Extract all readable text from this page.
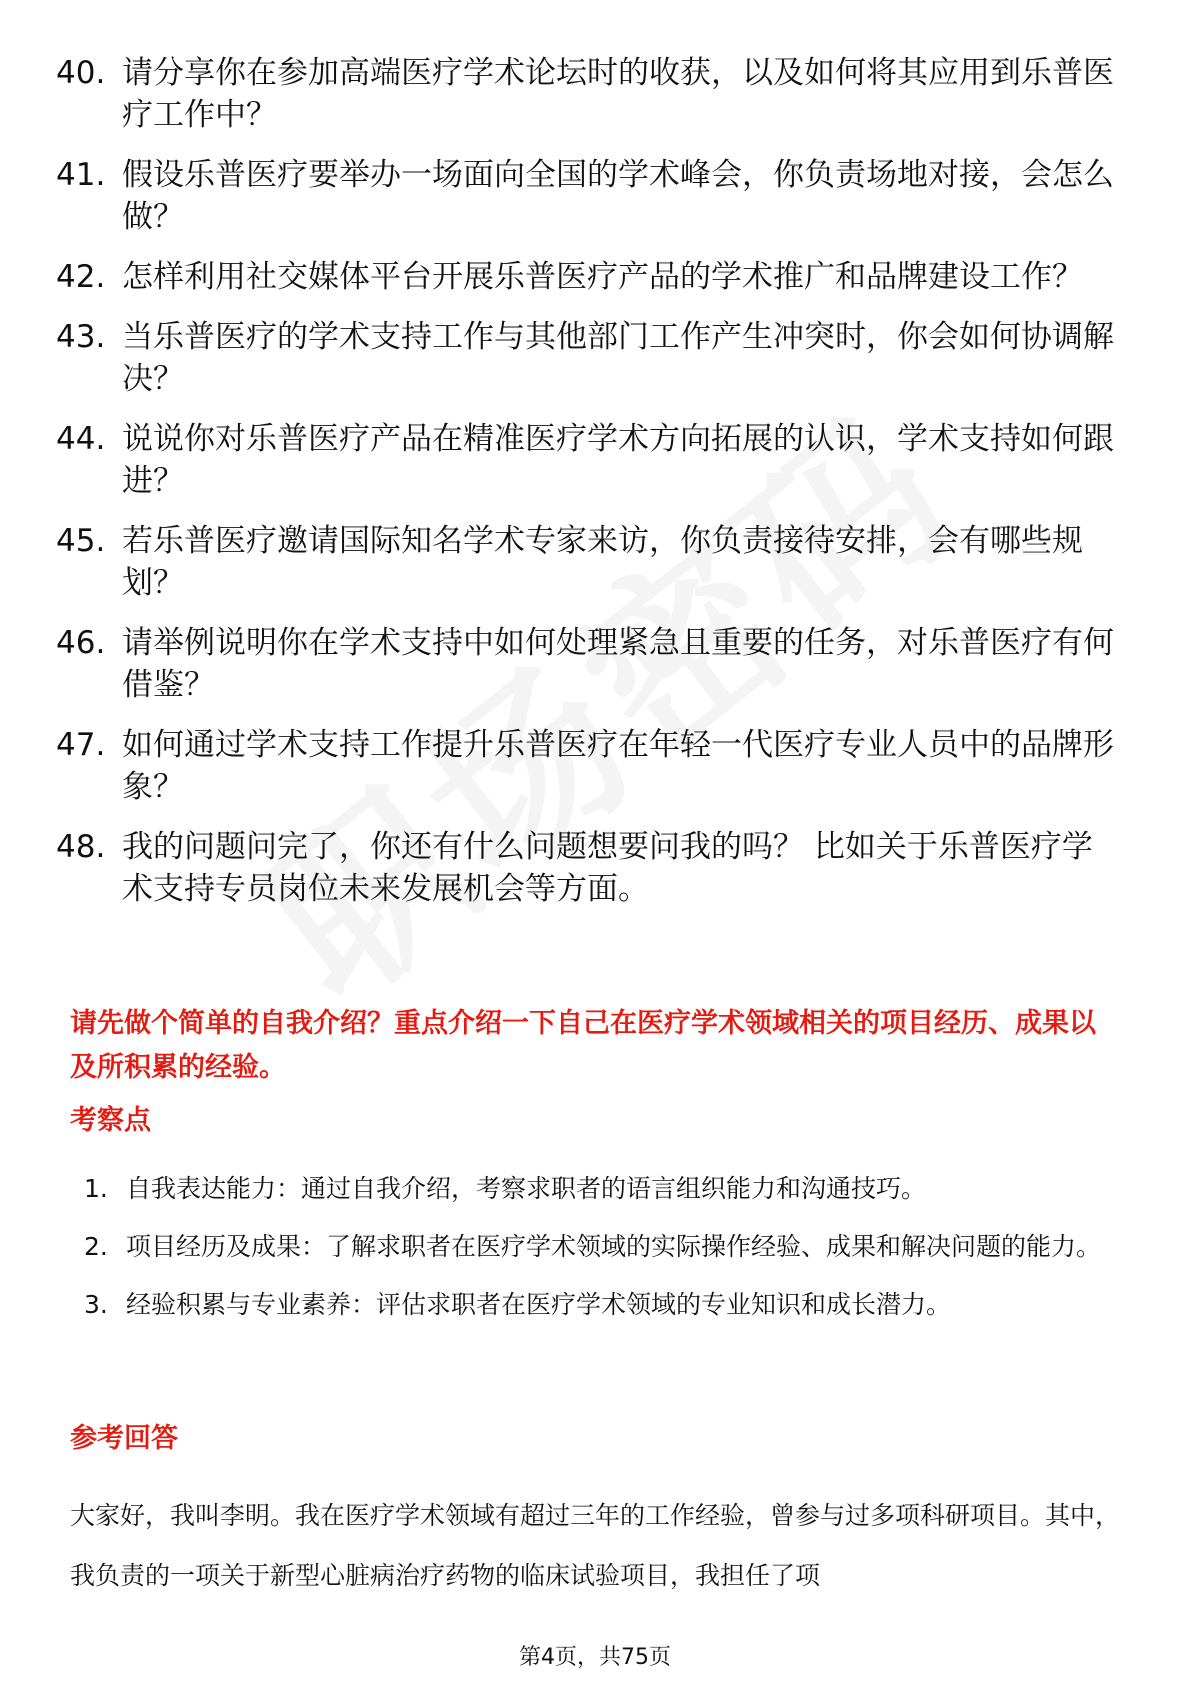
40. 请分享你在参加高端医疗学术论坛时的收获，以及如何将其应用到乐普医疗工作中？
41. 假设乐普医疗要举办一场面向全国的学术峰会，你负责场地对接，会怎么做？
42. 怎样利用社交媒体平台开展乐普医疗产品的学术推广和品牌建设工作？
43. 当乐普医疗的学术支持工作与其他部门工作产生冲突时，你会如何协调解决？
44. 说说你对乐普医疗产品在精准医疗学术方向拓展的认识，学术支持如何跟进？
45. 若乐普医疗邀请国际知名学术专家来访，你负责接待安排，会有哪些规划？
46. 请举例说明你在学术支持中如何处理紧急且重要的任务，对乐普医疗有何借鉴？
47. 如何通过学术支持工作提升乐普医疗在年轻一代医疗专业人员中的品牌形象？
48. 我的问题问完了，你还有什么问题想要问我的吗？ 比如关于乐普医疗学术支持专员岗位未来发展机会等方面。
请先做个简单的自我介绍？重点介绍一下自己在医疗学术领域相关的项目经历、成果以及所积累的经验。
考察点
1. 自我表达能力：通过自我介绍，考察求职者的语言组织能力和沟通技巧。
2. 项目经历及成果：了解求职者在医疗学术领域的实际操作经验、成果和解决问题的能力。
3. 经验积累与专业素养：评估求职者在医疗学术领域的专业知识和成长潜力。
参考回答
大家好，我叫李明。我在医疗学术领域有超过三年的工作经验，曾参与过多项科研项目。其中，我负责的一项关于新型心脏病治疗药物的临床试验项目，我担任了项
第4页，共75页
